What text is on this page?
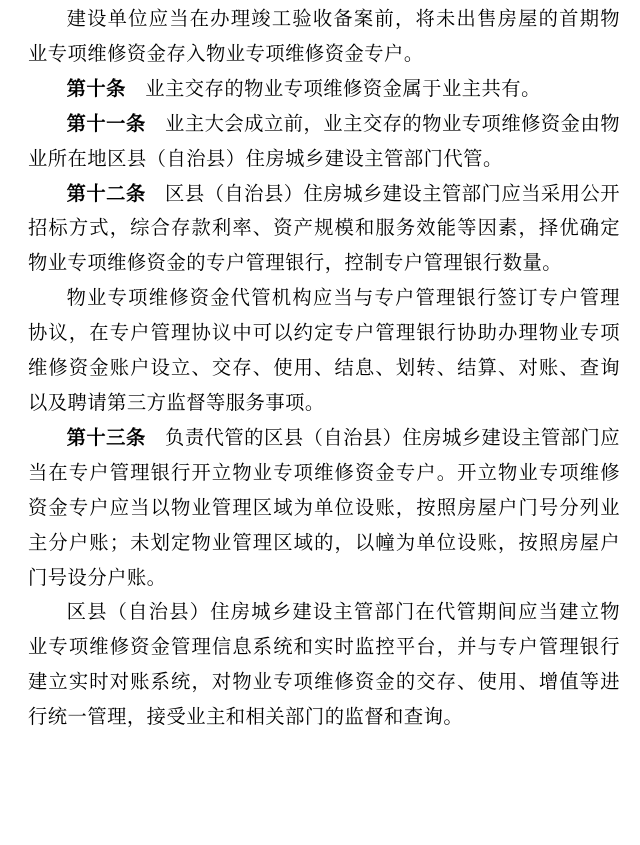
建设单位应当在办理竣工验收备案前，将未出售房屋的首期物业专项维修资金存入物业专项维修资金专户。

第十条 业主交存的物业专项维修资金属于业主共有。

第十一条 业主大会成立前，业主交存的物业专项维修资金由物业所在地区县（自治县）住房城乡建设主管部门代管。

第十二条 区县（自治县）住房城乡建设主管部门应当采用公开招标方式，综合存款利率、资产规模和服务效能等因素，择优确定物业专项维修资金的专户管理银行，控制专户管理银行数量。

物业专项维修资金代管机构应当与专户管理银行签订专户管理协议，在专户管理协议中可以约定专户管理银行协助办理物业专项维修资金账户设立、交存、使用、结息、划转、结算、对账、查询以及聘请第三方监督等服务事项。

第十三条 负责代管的区县（自治县）住房城乡建设主管部门应当在专户管理银行开立物业专项维修资金专户。开立物业专项维修资金专户应当以物业管理区域为单位设账，按照房屋户门号分列业主分户账；未划定物业管理区域的，以幢为单位设账，按照房屋户门号设分户账。

区县（自治县）住房城乡建设主管部门在代管期间应当建立物业专项维修资金管理信息系统和实时监控平台，并与专户管理银行建立实时对账系统，对物业专项维修资金的交存、使用、增值等进行统一管理，接受业主和相关部门的监督和查询。
